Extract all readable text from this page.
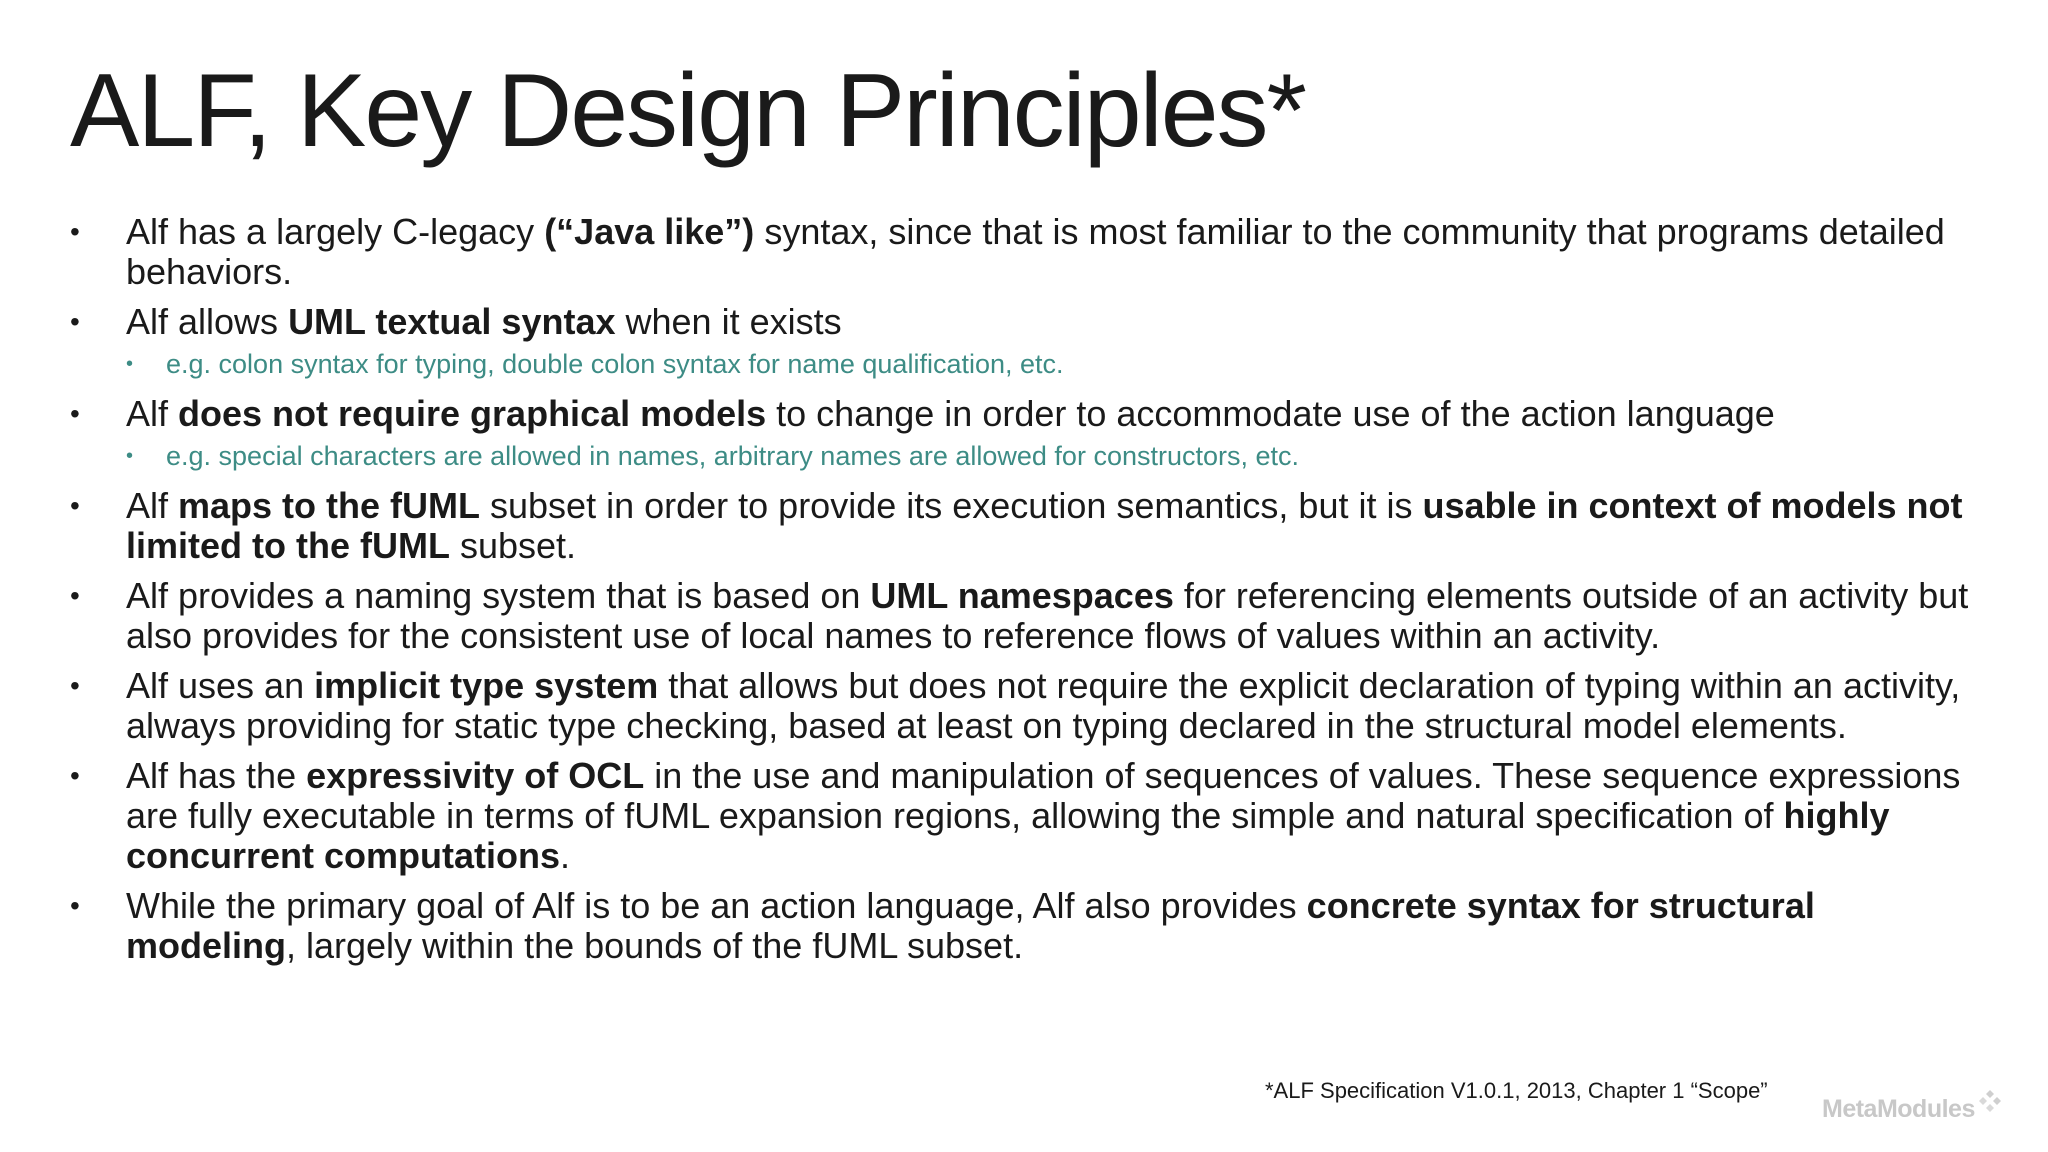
ALF, Key Design Principles*
• Alf has a largely C-legacy (“Java like”) syntax, since that is most familiar to the community that programs detailed behaviors.
• Alf allows UML textual syntax when it exists
• e.g. colon syntax for typing, double colon syntax for name qualification, etc.
• Alf does not require graphical models to change in order to accommodate use of the action language
• e.g. special characters are allowed in names, arbitrary names are allowed for constructors, etc.
• Alf maps to the fUML subset in order to provide its execution semantics, but it is usable in context of models not limited to the fUML subset.
• Alf provides a naming system that is based on UML namespaces for referencing elements outside of an activity but also provides for the consistent use of local names to reference flows of values within an activity.
• Alf uses an implicit type system that allows but does not require the explicit declaration of typing within an activity, always providing for static type checking, based at least on typing declared in the structural model elements.
• Alf has the expressivity of OCL in the use and manipulation of sequences of values. These sequence expressions are fully executable in terms of fUML expansion regions, allowing the simple and natural specification of highly concurrent computations.
• While the primary goal of Alf is to be an action language, Alf also provides concrete syntax for structural modeling, largely within the bounds of the fUML subset.
*ALF Specification V1.0.1, 2013, Chapter 1 “Scope”
MetaModules
